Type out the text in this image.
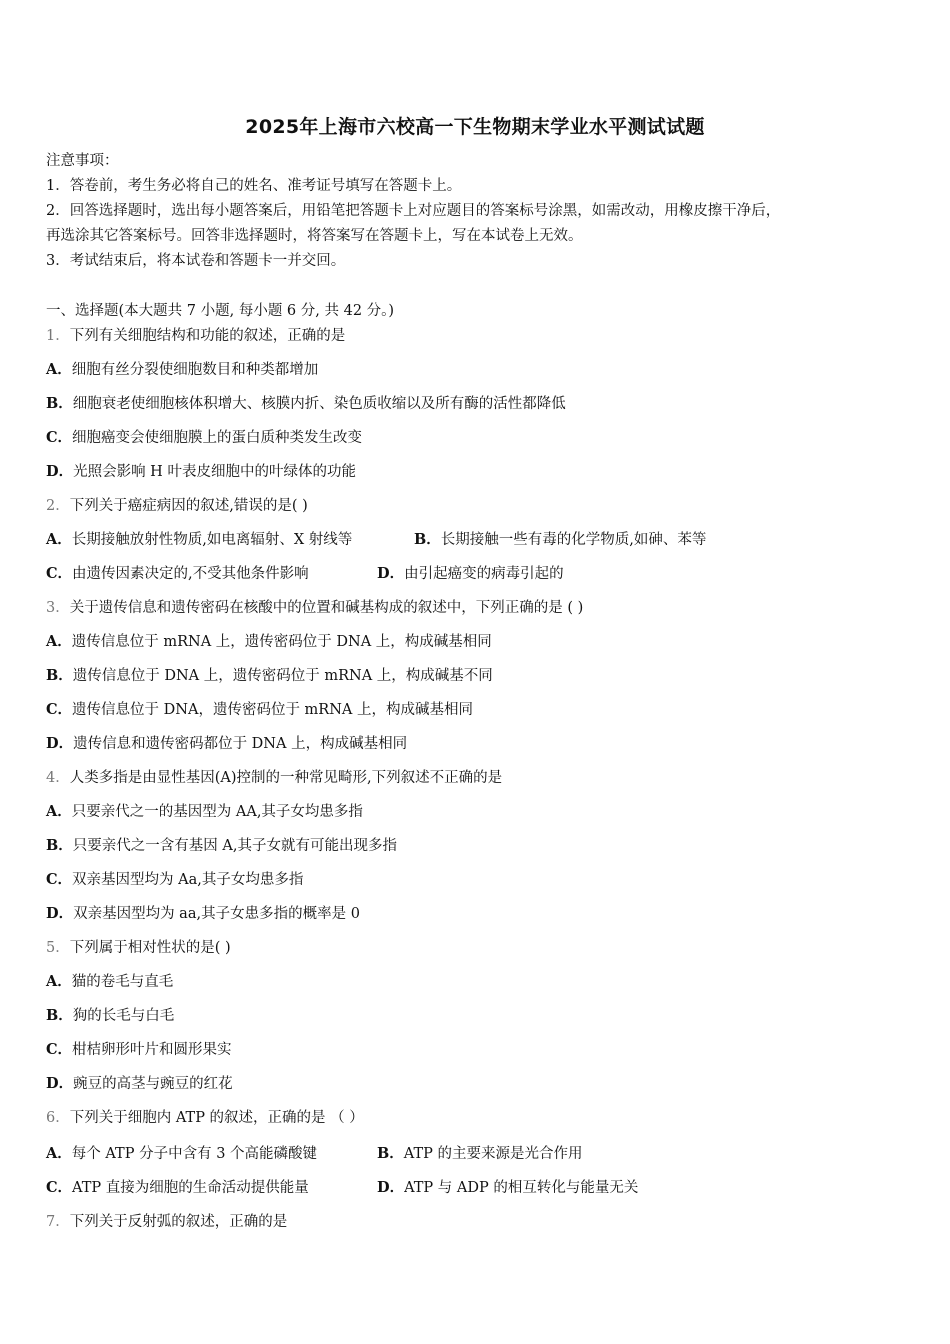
2025年上海市六校高一下生物期末学业水平测试试题
注意事项：
1．答卷前，考生务必将自己的姓名、准考证号填写在答题卡上。
2．回答选择题时，选出每小题答案后，用铅笔把答题卡上对应题目的答案标号涂黑，如需改动，用橡皮擦干净后，
再选涂其它答案标号。回答非选择题时，将答案写在答题卡上，写在本试卷上无效。
3．考试结束后，将本试卷和答题卡一并交回。
一、选择题(本大题共 7 小题, 每小题 6 分, 共 42 分。)
1．下列有关细胞结构和功能的叙述，正确的是
A．细胞有丝分裂使细胞数目和种类都增加
B．细胞衰老使细胞核体积增大、核膜内折、染色质收缩以及所有酶的活性都降低
C．细胞癌变会使细胞膜上的蛋白质种类发生改变
D．光照会影响 H 叶表皮细胞中的叶绿体的功能
2．下列关于癌症病因的叙述,错误的是( )
A．长期接触放射性物质,如电离辐射、X 射线等	B．长期接触一些有毒的化学物质,如砷、苯等
C．由遗传因素决定的,不受其他条件影响	D．由引起癌变的病毒引起的
3．关于遗传信息和遗传密码在核酸中的位置和碱基构成的叙述中，下列正确的是 ( )
A．遗传信息位于 mRNA 上，遗传密码位于 DNA 上，构成碱基相同
B．遗传信息位于 DNA 上，遗传密码位于 mRNA 上，构成碱基不同
C．遗传信息位于 DNA，遗传密码位于 mRNA 上，构成碱基相同
D．遗传信息和遗传密码都位于 DNA 上，构成碱基相同
4．人类多指是由显性基因(A)控制的一种常见畸形,下列叙述不正确的是
A．只要亲代之一的基因型为 AA,其子女均患多指
B．只要亲代之一含有基因 A,其子女就有可能出现多指
C．双亲基因型均为 Aa,其子女均患多指
D．双亲基因型均为 aa,其子女患多指的概率是 0
5．下列属于相对性状的是( )
A．猫的卷毛与直毛
B．狗的长毛与白毛
C．柑桔卵形叶片和圆形果实
D．豌豆的高茎与豌豆的红花
6．下列关于细胞内 ATP 的叙述，正确的是 （ ）
A．每个 ATP 分子中含有 3 个高能磷酸键	B．ATP 的主要来源是光合作用
C．ATP 直接为细胞的生命活动提供能量	D．ATP 与 ADP 的相互转化与能量无关
7．下列关于反射弧的叙述，正确的是
